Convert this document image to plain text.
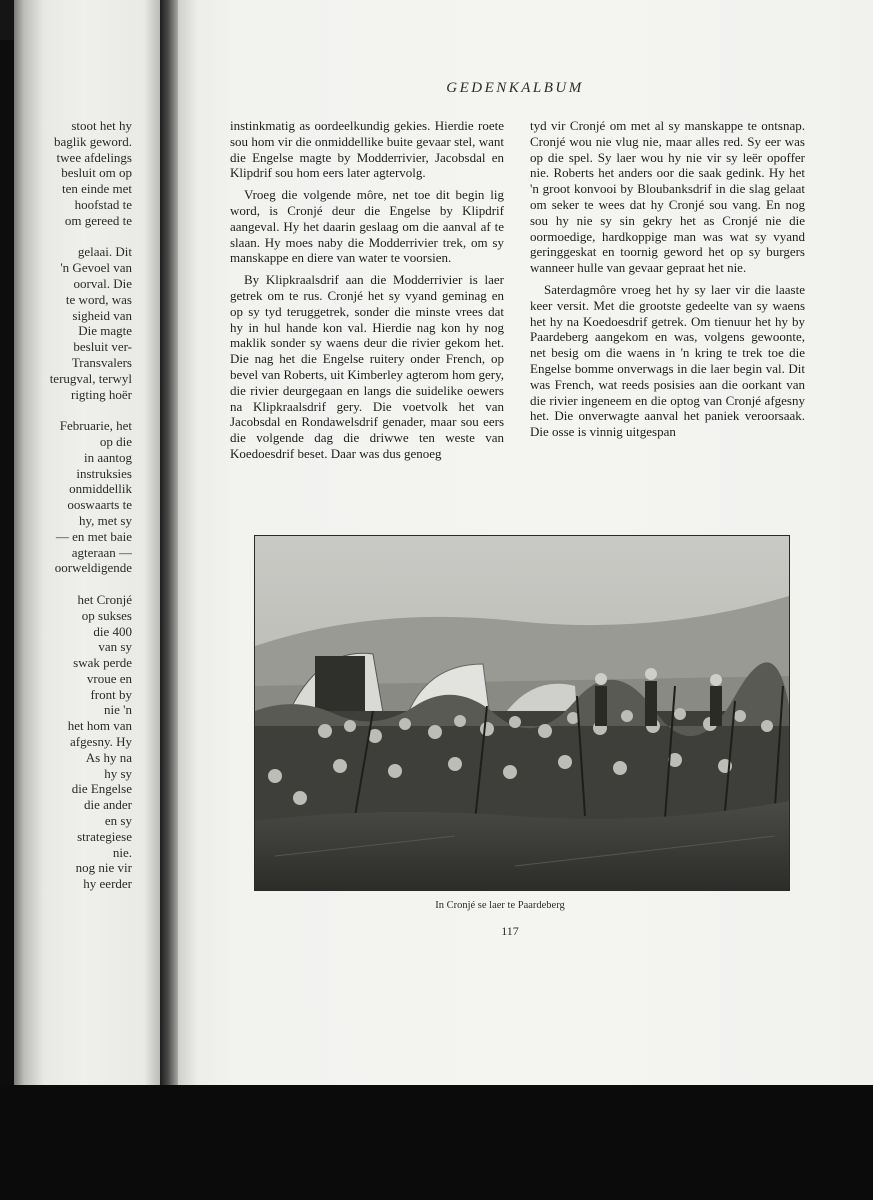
stoot het hy
baglik geword.
twee afdelings
besluit om op
ten einde met
hoofstad te
om gereed te

gelaai. Dit
'n Gevoel van
oorval. Die
te word, was
sigheid van
Die magte
besluit ver-
Transvalers
terugval, terwyl
rigting hoër

Februarie, het
op die
in aantog
instruksies
onmiddellik
ooswaarts te
hy, met sy
— en met baie
agteraan —
oorweldigende

het Cronjé
op sukses
die 400
van sy
swak perde
vroue en
front by
nie 'n
het hom van
afgesny. Hy
As hy na
hy sy
die Engelse
die ander
en sy
strategiese
nie.
nog nie vir
hy eerder
GEDENKALBUM

instinkmatig as oordeelkundig gekies. Hierdie roete sou hom vir die onmiddellike buite gevaar stel, want die Engelse magte by Modderrivier, Jacobsdal en Klipdrif sou hom eers later agtervolg.

Vroeg die volgende môre, net toe dit begin lig word, is Cronjé deur die Engelse by Klipdrif aangeval. Hy het daarin geslaag om die aanval af te slaan. Hy moes naby die Modderrivier trek, om sy manskappe en diere van water te voorsien.

By Klipkraalsdrif aan die Modderrivier is laer getrek om te rus. Cronjé het sy vyand geminag en op sy tyd teruggetrek, sonder die minste vrees dat hy in hul hande kon val. Hierdie nag kon hy nog maklik sonder sy waens deur die rivier gekom het. Die nag het die Engelse ruitery onder French, op bevel van Roberts, uit Kimberley agterom hom gery, die rivier deurgegaan en langs die suidelike oewers na Klipkraalsdrif gery. Die voetvolk het van Jacobsdal en Rondawelsdrif genader, maar sou eers die volgende dag die driwwe ten weste van Koedoesdrif beset. Daar was dus genoeg

tyd vir Cronjé om met al sy manskappe te ontsnap. Cronjé wou nie vlug nie, maar alles red. Sy eer was op die spel. Sy laer wou hy nie vir sy leër opoffer nie. Roberts het anders oor die saak gedink. Hy het 'n groot konvooi by Bloubanksdrif in die slag gelaat om seker te wees dat hy Cronjé sou vang. En nog sou hy nie sy sin gekry het as Cronjé nie die oormoedige, hardkoppige man was wat sy vyand geringgeskat en toornig geword het op sy burgers wanneer hulle van gevaar gepraat het nie.

Saterdagmôre vroeg het hy sy laer vir die laaste keer versit. Met die grootste gedeelte van sy waens het hy na Koedoesdrif getrek. Om tienuur het hy by Paardeberg aangekom en was, volgens gewoonte, net besig om die waens in 'n kring te trek toe die Engelse bomme onverwags in die laer begin val. Dit was French, wat reeds posisies aan die oorkant van die rivier ingeneem en die optog van Cronjé afgesny het. Die onverwagte aanval het paniek veroorsaak. Die osse is vinnig uitgespan

In Cronjé se laer te Paardeberg
117
